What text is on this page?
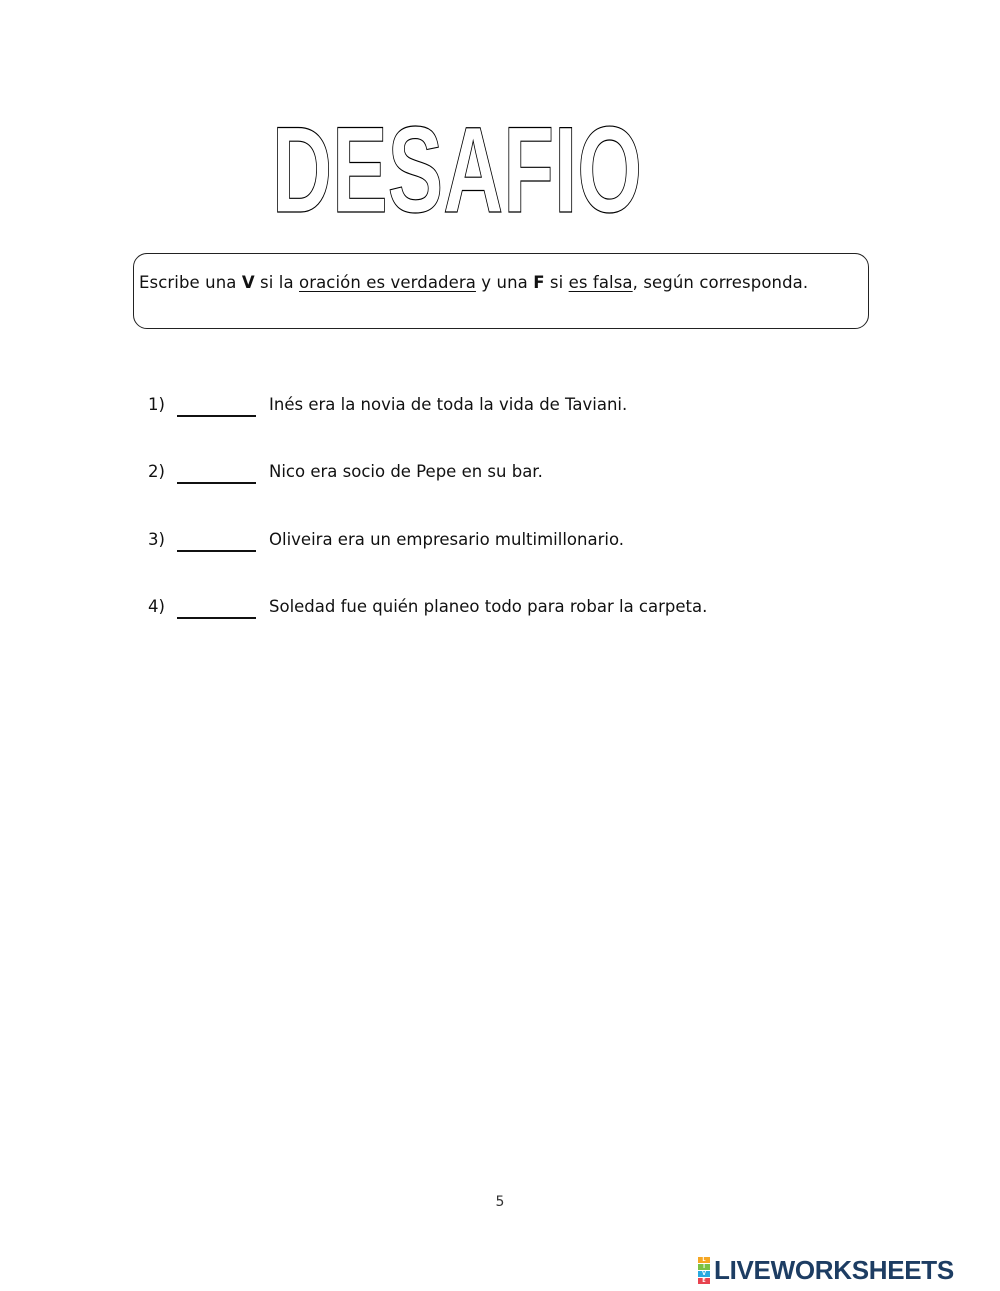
DESAFIO
Escribe una V si la oración es verdadera y una F si es falsa, según corresponda.
1)	Inés era la novia de toda la vida de Taviani.
2)	Nico era socio de Pepe en su bar.
3)	Oliveira era un empresario multimillonario.
4)	Soledad fue quién planeo todo para robar la carpeta.
5
L
I
V
E LIVEWORKSHEETS
